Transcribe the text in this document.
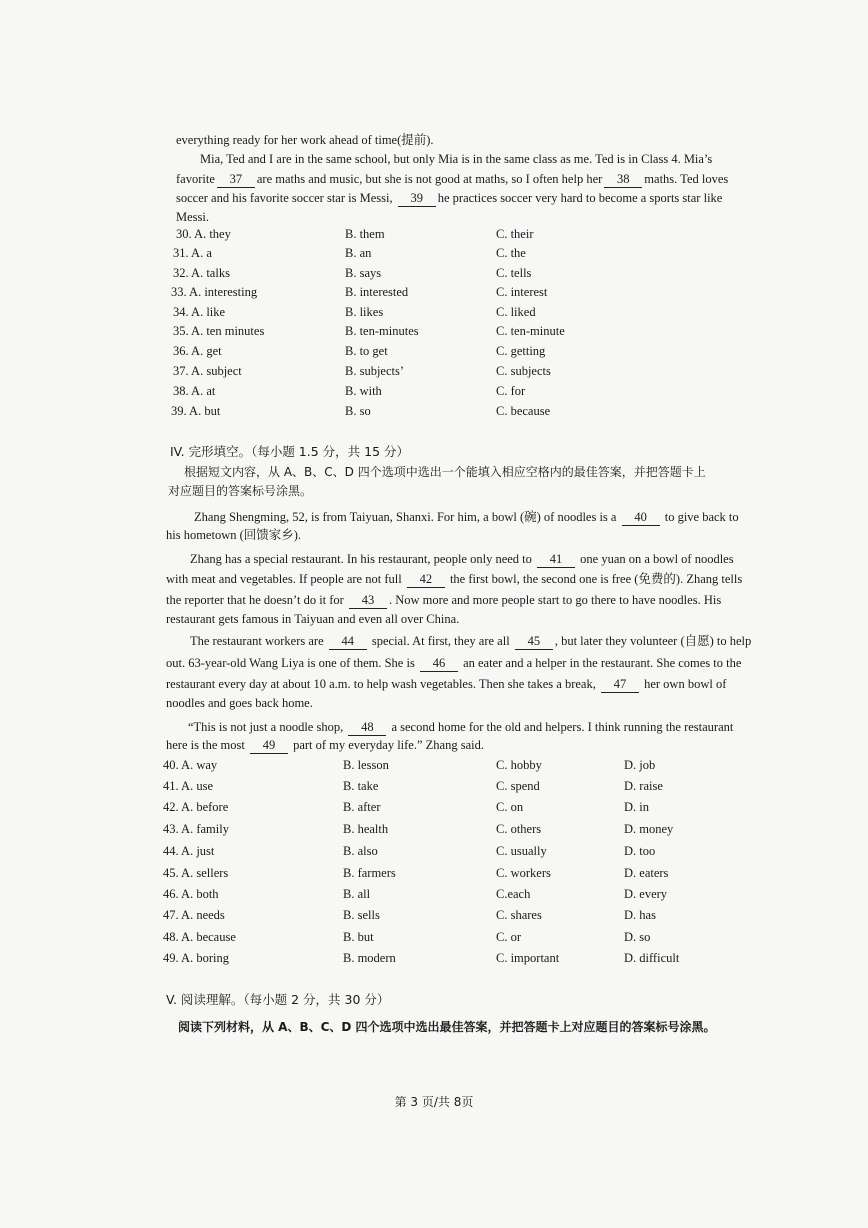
everything ready for her work ahead of time(提前).
Mia, Ted and I are in the same school, but only Mia is in the same class as me. Ted is in Class 4. Mia’s
favorite 37 are maths and music, but she is not good at maths, so I often help her 38 maths. Ted loves
soccer and his favorite soccer star is Messi, 39 he practices soccer very hard to become a sports star like
Messi.
30. A. they	B. them	C. their
31. A. a	B. an	C. the
32. A. talks	B. says	C. tells
33. A. interesting	B. interested	C. interest
34. A. like	B. likes	C. liked
35. A. ten minutes	B. ten-minutes	C. ten-minute
36. A. get	B. to get	C. getting
37. A. subject	B. subjects’	C. subjects
38. A. at	B. with	C. for
39. A. but	B. so	C. because
IV. 完形填空。（每小题 1.5 分，共 15 分）
根据短文内容，从 A、B、C、D 四个选项中选出一个能填入相应空格内的最佳答案，并把答题卡上
对应题目的答案标号涂黑。
Zhang Shengming, 52, is from Taiyuan, Shanxi. For him, a bowl (碗) of noodles is a 40 to give back to
his hometown (回馈家乡).
Zhang has a special restaurant. In his restaurant, people only need to 41 one yuan on a bowl of noodles
with meat and vegetables. If people are not full 42 the first bowl, the second one is free (免费的). Zhang tells
the reporter that he doesn’t do it for 43 . Now more and more people start to go there to have noodles. His
restaurant gets famous in Taiyuan and even all over China.
The restaurant workers are 44 special. At first, they are all 45 , but later they volunteer (自愿) to help
out. 63-year-old Wang Liya is one of them. She is 46 an eater and a helper in the restaurant. She comes to the
restaurant every day at about 10 a.m. to help wash vegetables. Then she takes a break, 47 her own bowl of
noodles and goes back home.
“This is not just a noodle shop, 48 a second home for the old and helpers. I think running the restaurant
here is the most 49 part of my everyday life.” Zhang said.
40. A. way	B. lesson	C. hobby	D. job
41. A. use	B. take	C. spend	D. raise
42. A. before	B. after	C. on	D. in
43. A. family	B. health	C. others	D. money
44. A. just	B. also	C. usually	D. too
45. A. sellers	B. farmers	C. workers	D. eaters
46. A. both	B. all	C.each	D. every
47. A. needs	B. sells	C. shares	D. has
48. A. because	B. but	C. or	D. so
49. A. boring	B. modern	C. important	D. difficult
V. 阅读理解。（每小题 2 分，共 30 分）
阅读下列材料，从 A、B、C、D 四个选项中选出最佳答案，并把答题卡上对应题目的答案标号涂黑。
第 3 页/共 8页
